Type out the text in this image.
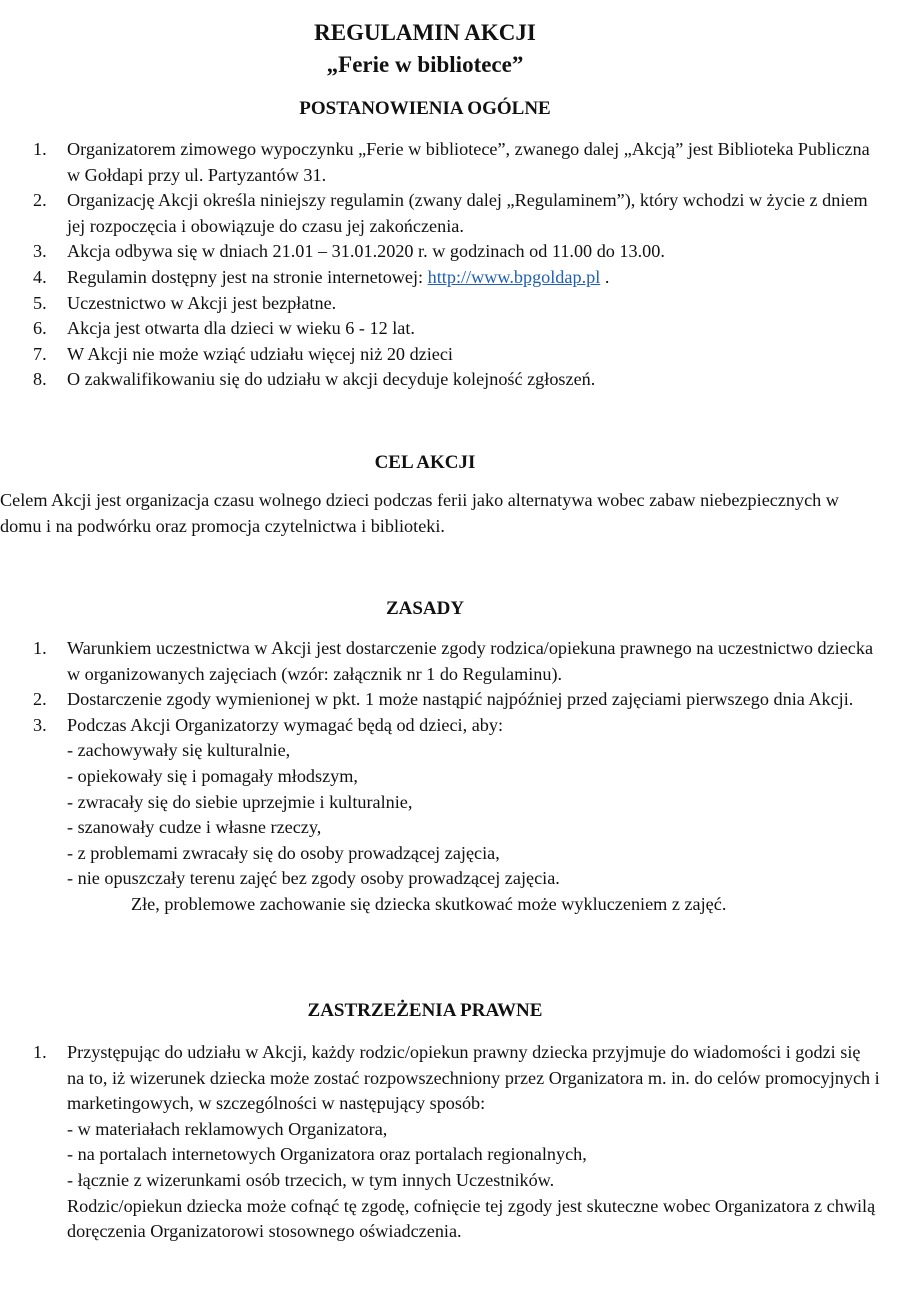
REGULAMIN AKCJI
„Ferie w bibliotece”
POSTANOWIENIA OGÓLNE
1. Organizatorem zimowego wypoczynku „Ferie w bibliotece”, zwanego dalej „Akcją” jest Biblioteka Publiczna w Gołdapi przy ul. Partyzantów 31.
2. Organizację Akcji określa niniejszy regulamin (zwany dalej „Regulaminem”), który wchodzi w życie z dniem jej rozpoczęcia i obowiązuje do czasu jej zakończenia.
3. Akcja odbywa się w dniach 21.01 – 31.01.2020 r. w godzinach od 11.00 do 13.00.
4. Regulamin dostępny jest na stronie internetowej: http://www.bpgoldap.pl .
5. Uczestnictwo w Akcji jest bezpłatne.
6. Akcja jest otwarta dla dzieci w wieku 6 - 12 lat.
7. W Akcji nie może wziąć udziału więcej niż 20 dzieci
8. O zakwalifikowaniu się do udziału w akcji decyduje kolejność zgłoszeń.
CEL AKCJI

Celem Akcji jest organizacja czasu wolnego dzieci podczas ferii jako alternatywa wobec zabaw niebezpiecznych w domu i na podwórku oraz promocja czytelnictwa i biblioteki.

ZASADY
1. Warunkiem uczestnictwa w Akcji jest dostarczenie zgody rodzica/opiekuna prawnego na uczestnictwo dziecka w organizowanych zajęciach (wzór: załącznik nr 1 do Regulaminu).
2. Dostarczenie zgody wymienionej w pkt. 1 może nastąpić najpóźniej przed zajęciami pierwszego dnia Akcji.
3. Podczas Akcji Organizatorzy wymagać będą od dzieci, aby:
- zachowywały się kulturalnie,
- opiekowały się i pomagały młodszym,
- zwracały się do siebie uprzejmie i kulturalnie,
- szanowały cudze i własne rzeczy,
- z problemami zwracały się do osoby prowadzącej zajęcia,
- nie opuszczały terenu zajęć bez zgody osoby prowadzącej zajęcia.
Złe, problemowe zachowanie się dziecka skutkować może wykluczeniem z zajęć.
ZASTRZEŻENIA PRAWNE
1. Przystępując do udziału w Akcji, każdy rodzic/opiekun prawny dziecka przyjmuje do wiadomości i godzi się na to, iż wizerunek dziecka może zostać rozpowszechniony przez Organizatora m. in. do celów promocyjnych i marketingowych, w szczególności w następujący sposób:
- w materiałach reklamowych Organizatora,
- na portalach internetowych Organizatora oraz portalach regionalnych,
- łącznie z wizerunkami osób trzecich, w tym innych Uczestników.
Rodzic/opiekun dziecka może cofnąć tę zgodę, cofnięcie tej zgody jest skuteczne wobec Organizatora z chwilą doręczenia Organizatorowi stosownego oświadczenia.
